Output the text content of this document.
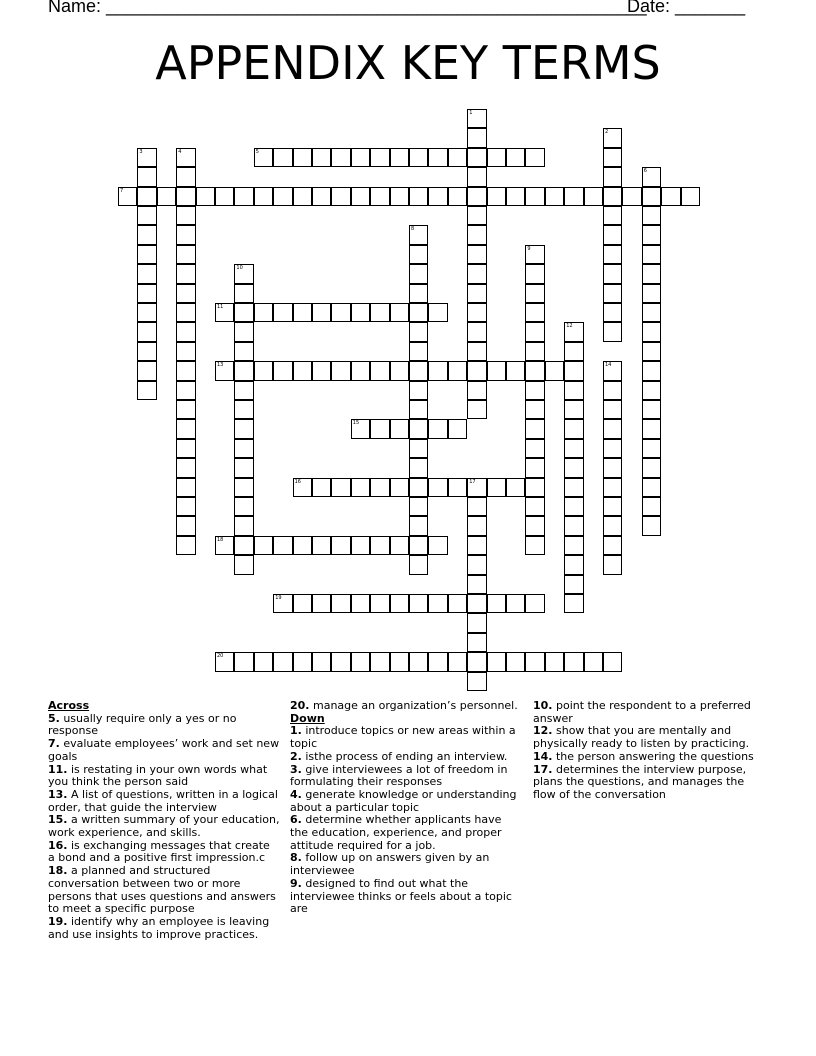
Name: ______________________________________________________
Date: _______
APPENDIX KEY TERMS
1
2
3	4	5
6
7
8
9
10
11
12
13	14
15
16	17
18
19
20
Across
5. usually require only a yes or no response
7. evaluate employees’ work and set new goals
11. is restating in your own words what you think the person said
13. A list of questions, written in a logical order, that guide the interview
15. a written summary of your education, work experience, and skills.
16. is exchanging messages that create a bond and a positive first impression.c
18. a planned and structured conversation between two or more persons that uses questions and answers to meet a specific purpose
19. identify why an employee is leaving and use insights to improve practices.
20. manage an organization’s personnel.
Down
1. introduce topics or new areas within a topic
2. isthe process of ending an interview.
3. give interviewees a lot of freedom in formulating their responses
4. generate knowledge or understanding about a particular topic
6. determine whether applicants have the education, experience, and proper attitude required for a job.
8. follow up on answers given by an interviewee
9. designed to find out what the interviewee thinks or feels about a topic are
10. point the respondent to a preferred answer
12. show that you are mentally and physically ready to listen by practicing.
14. the person answering the questions
17. determines the interview purpose, plans the questions, and manages the flow of the conversation
